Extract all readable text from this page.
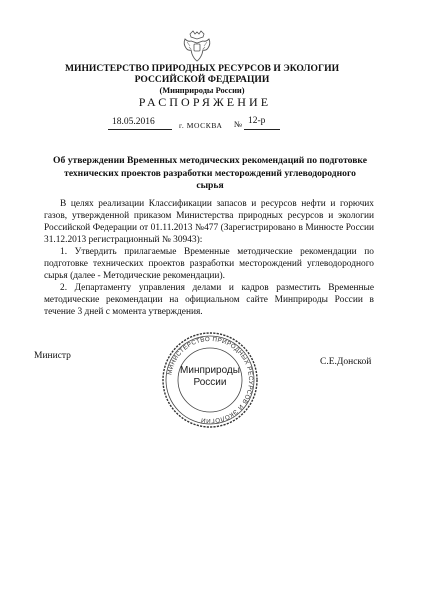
МИНИСТЕРСТВО ПРИРОДНЫХ РЕСУРСОВ И ЭКОЛОГИИ
РОССИЙСКОЙ ФЕДЕРАЦИИ
(Минприроды России)
РАСПОРЯЖЕНИЕ
18.05.2016	г. МОСКВА № 12-р
Об утверждении Временных методических рекомендаций по подготовке
технических проектов разработки месторождений углеводородного
сырья

В целях реализации Классификации запасов и ресурсов нефти и горючих газов, утвержденной приказом Министерства природных ресурсов и экологии Российской Федерации от 01.11.2013 №477 (Зарегистрировано в Минюсте России 31.12.2013 регистрационный № 30943):

1. Утвердить прилагаемые Временные методические рекомендации по подготовке технических проектов разработки месторождений углеводородного сырья (далее - Методические рекомендации).

2. Департаменту управления делами и кадров разместить Временные методические рекомендации на официальном сайте Минприроды России в течение 3 дней с момента утверждения.

Министр
С.Е.Донской
МИНИСТЕРСТВО ПРИРОДНЫХ РЕСУРСОВ И ЭКОЛОГИИ
Минприроды
России
